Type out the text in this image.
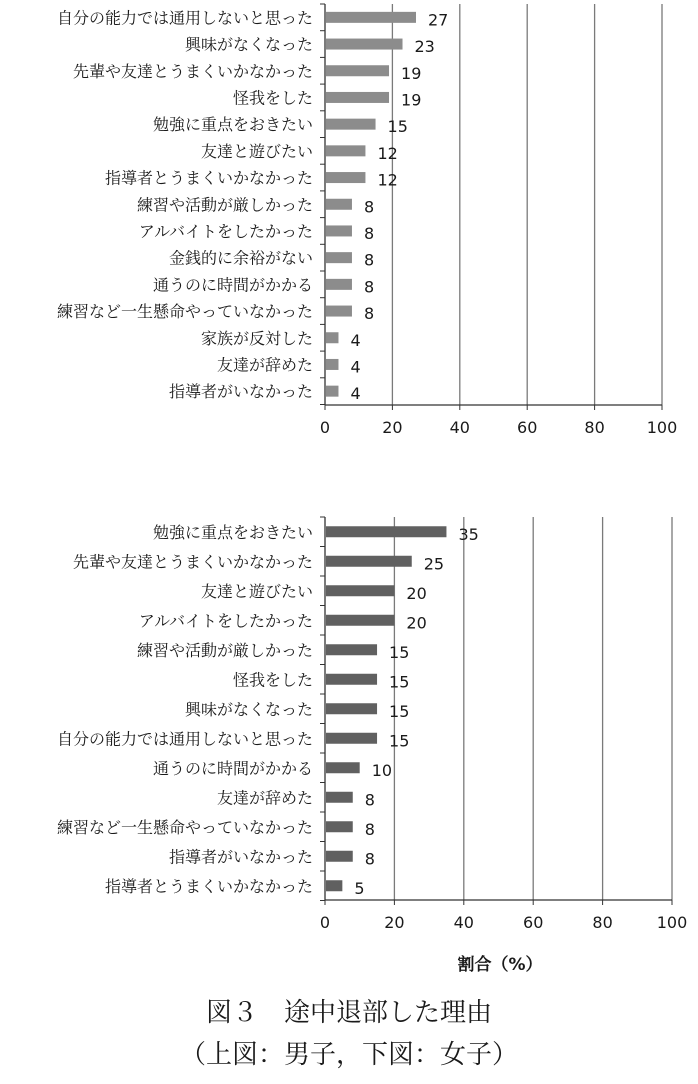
0	20	40	60	80	100
自分の能力では通用しないと思った	27
興味がなくなった	23
先輩や友達とうまくいかなかった	19
怪我をした	19
勉強に重点をおきたい	15
友達と遊びたい	12
指導者とうまくいかなかった	12
練習や活動が厳しかった	8
アルバイトをしたかった	8
金銭的に余裕がない	8
通うのに時間がかかる	8
練習など一生懸命やっていなかった	8
家族が反対した 4
友達が辞めた 4
指導者がいなかった 4
0	20	40	60	80	100
勉強に重点をおきたい	35
先輩や友達とうまくいかなかった	25
友達と遊びたい	20
アルバイトをしたかった	20
練習や活動が厳しかった	15
怪我をした	15
興味がなくなった	15
自分の能力では通用しないと思った	15
通うのに時間がかかる	10
友達が辞めた	8
練習など一生懸命やっていなかった	8
指導者がいなかった	8
指導者とうまくいかなかった	5
割合（%）
図３　途中退部した理由
（上図：男子，下図：女子）
